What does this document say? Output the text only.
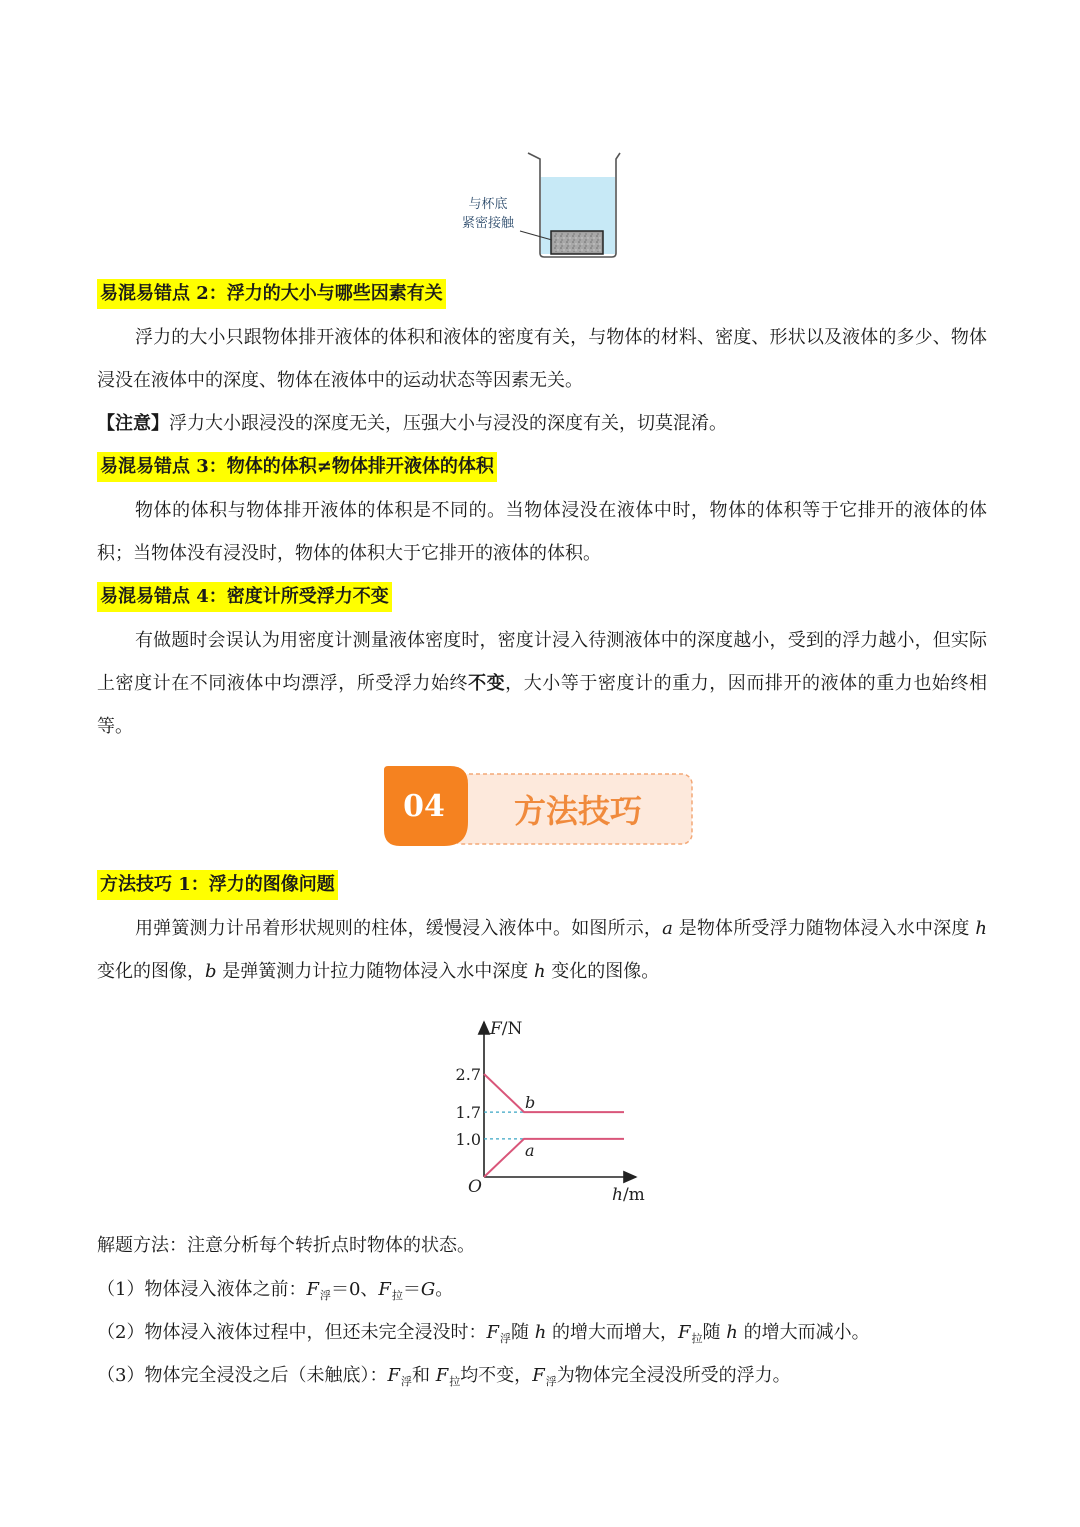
与杯底
紧密接触
易混易错点 2：浮力的大小与哪些因素有关

浮力的大小只跟物体排开液体的体积和液体的密度有关，与物体的材料、密度、形状以及液体的多少、物体浸没在液体中的深度、物体在液体中的运动状态等因素无关。

【注意】浮力大小跟浸没的深度无关，压强大小与浸没的深度有关，切莫混淆。
易混易错点 3：物体的体积≠物体排开液体的体积

物体的体积与物体排开液体的体积是不同的。当物体浸没在液体中时，物体的体积等于它排开的液体的体积；当物体没有浸没时，物体的体积大于它排开的液体的体积。

易混易错点 4：密度计所受浮力不变

有做题时会误认为用密度计测量液体密度时，密度计浸入待测液体中的深度越小，受到的浮力越小，但实际上密度计在不同液体中均漂浮，所受浮力始终不变，大小等于密度计的重力，因而排开的液体的重力也始终相等。

04 方法技巧
方法技巧 1：浮力的图像问题

用弹簧测力计吊着形状规则的柱体，缓慢浸入液体中。如图所示，a 是物体所受浮力随物体浸入水中深度 h 变化的图像，b 是弹簧测力计拉力随物体浸入水中深度 h 变化的图像。

2.7
1.7
1.0
b
a
F/N
h/m
O
解题方法：注意分析每个转折点时物体的状态。
（1）物体浸入液体之前：$F_浮=0$、$F_拉=G$。
（2）物体浸入液体过程中，但还未完全浸没时：$F_浮$随 h 的增大而增大，$F_拉$随 h 的增大而减小。
（3）物体完全浸没之后（未触底）：$F_浮$和 $F_拉$均不变，$F_浮$为物体完全浸没所受的浮力。
